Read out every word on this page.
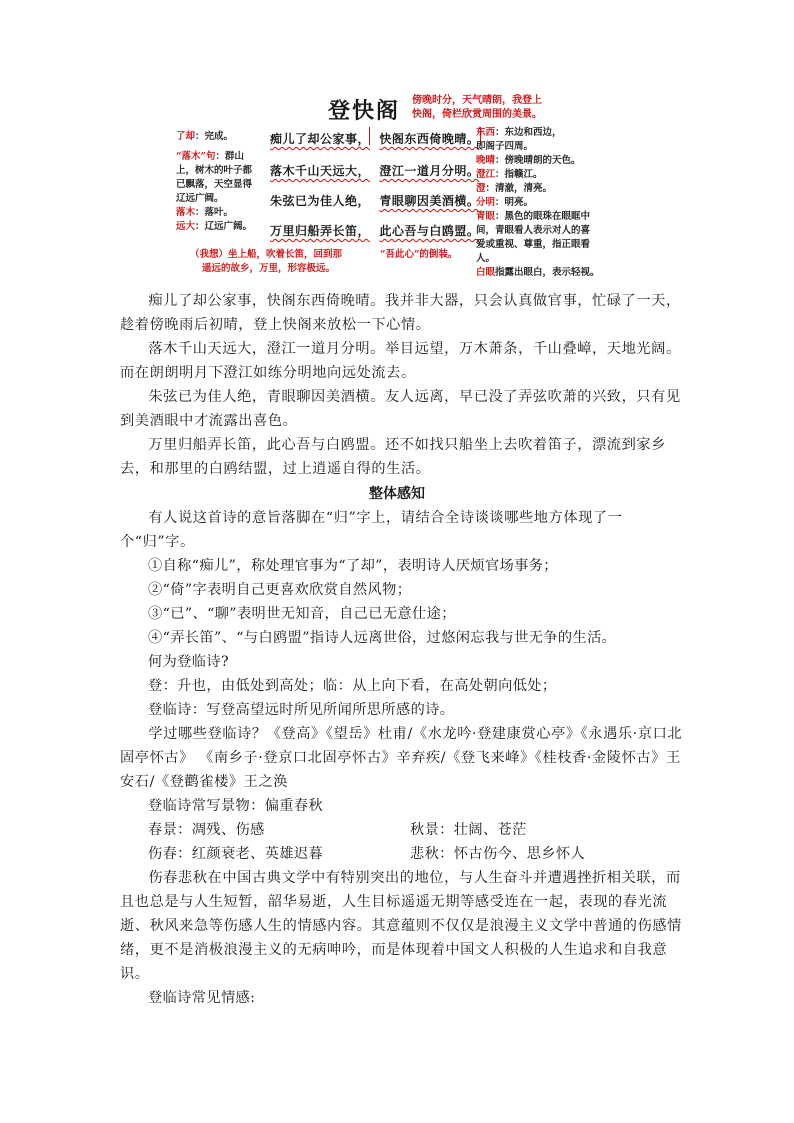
登快阁 傍晚时分，天气晴朗，我登上
快阁，倚栏欣赏周围的美景。
了却：完成。
“落木”句：群山
上，树木的叶子都
已飘落，天空显得
辽远广阔。
落木：落叶。
远大：辽远广阔。
痴儿了却公家事， 快阁东西倚晚晴。
落木千山天远大， 澄江一道月分明。
朱弦已为佳人绝， 青眼聊因美酒横。
万里归船弄长笛， 此心吾与白鸥盟。
（我想）坐上船，吹着长笛，回到那
遥远的故乡，万里，形容极远。
“吾此心”的倒装。
东西：东边和西边，
即阁子四周。
晚晴：傍晚晴朗的天色。
澄江：指赣江。
澄：清澈，清亮。
分明：明亮。
青眼：黑色的眼珠在眼眶中
间，青眼看人表示对人的喜
爱或重视、尊重，指正眼看
人。
白眼指露出眼白，表示轻视。
痴儿了却公家事，快阁东西倚晚晴。我并非大器，只会认真做官事，忙碌了一天，趁着傍晚雨后初晴，登上快阁来放松一下心情。
落木千山天远大，澄江一道月分明。举目远望，万木萧条，千山叠嶂，天地光阔。而在朗朗明月下澄江如练分明地向远处流去。
朱弦已为佳人绝，青眼聊因美酒横。友人远离，早已没了弄弦吹萧的兴致，只有见到美酒眼中才流露出喜色。
万里归船弄长笛，此心吾与白鸥盟。还不如找只船坐上去吹着笛子，漂流到家乡去，和那里的白鸥结盟，过上逍遥自得的生活。
整体感知
有人说这首诗的意旨落脚在“归”字上，请结合全诗谈谈哪些地方体现了一个“归”字。
①自称“痴儿”，称处理官事为“了却”，表明诗人厌烦官场事务；
②“倚”字表明自己更喜欢欣赏自然风物；
③“已”、“聊”表明世无知音，自己已无意仕途；
④“弄长笛”、“与白鸥盟”指诗人远离世俗，过悠闲忘我与世无争的生活。
何为登临诗?
登：升也，由低处到高处；临：从上向下看，在高处朝向低处；
登临诗：写登高望远时所见所闻所思所感的诗。
学过哪些登临诗？《登高》《望岳》杜甫/《水龙吟·登建康赏心亭》《永遇乐·京口北固亭怀古》 《南乡子·登京口北固亭怀古》辛弃疾/《登飞来峰》《桂枝香·金陵怀古》王安石/《登鹳雀楼》王之涣
登临诗常写景物：偏重春秋
春景：凋残、伤感	秋景：壮阔、苍茫
伤春：红颜衰老、英雄迟暮	悲秋：怀古伤今、思乡怀人
伤春悲秋在中国古典文学中有特别突出的地位，与人生奋斗并遭遇挫折相关联，而且也总是与人生短暂，韶华易逝，人生目标遥遥无期等感受连在一起，表现的春光流逝、秋风来急等伤感人生的情感内容。其意蕴则不仅仅是浪漫主义文学中普通的伤感情绪，更不是消极浪漫主义的无病呻吟，而是体现着中国文人积极的人生追求和自我意识。
登临诗常见情感:
